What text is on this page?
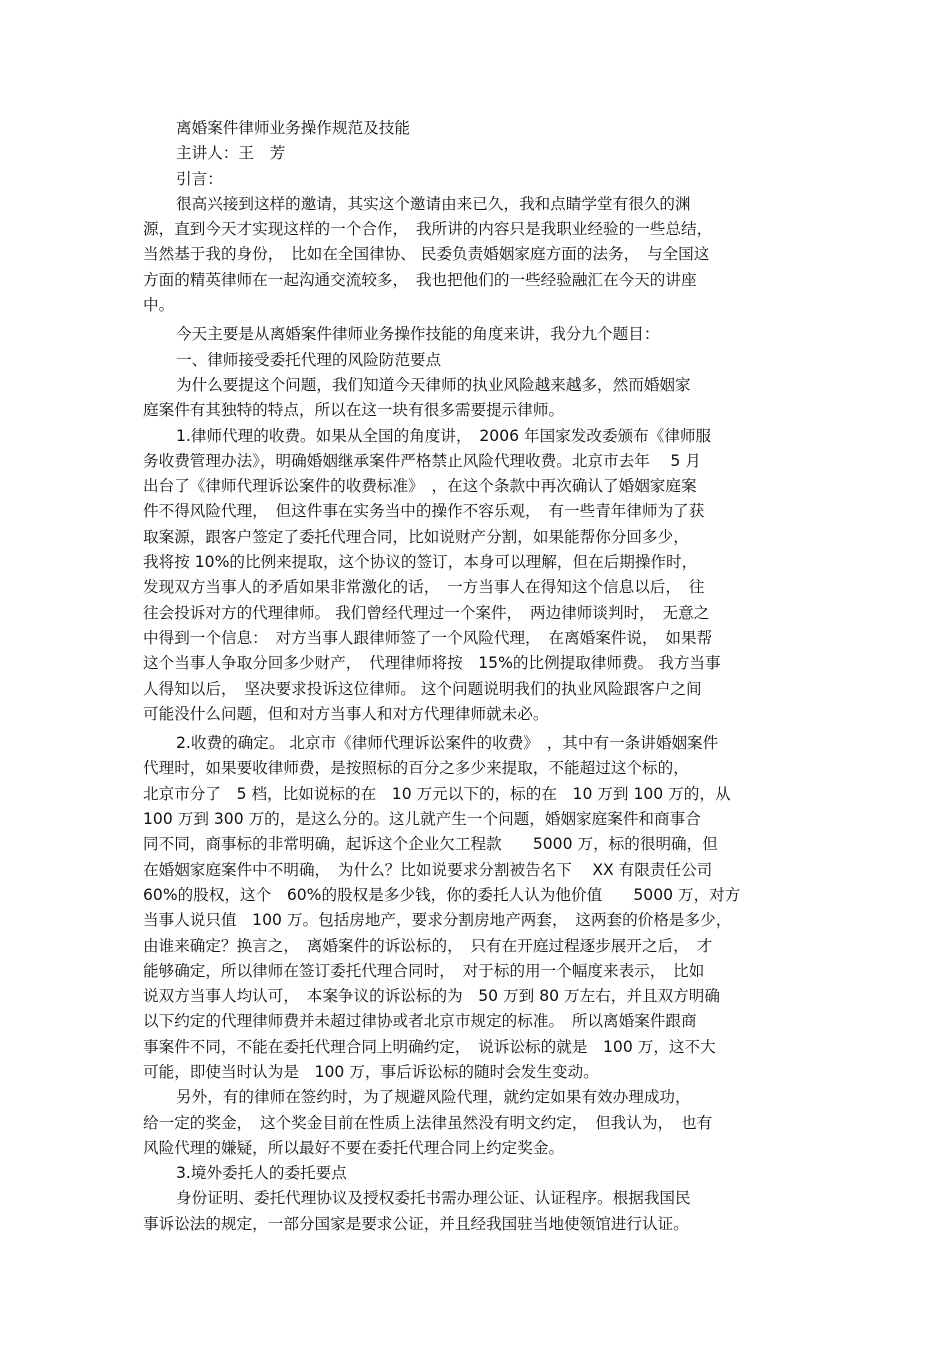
离婚案件律师业务操作规范及技能
主讲人：王　芳
引言：
很高兴接到这样的邀请，其实这个邀请由来已久，我和点睛学堂有很久的渊
源，直到今天才实现这样的一个合作，　我所讲的内容只是我职业经验的一些总结，
当然基于我的身份，　比如在全国律协、 民委负责婚姻家庭方面的法务，　与全国这
方面的精英律师在一起沟通交流较多，　我也把他们的一些经验融汇在今天的讲座
中。
今天主要是从离婚案件律师业务操作技能的角度来讲，我分九个题目：
一、律师接受委托代理的风险防范要点
为什么要提这个问题，我们知道今天律师的执业风险越来越多，然而婚姻家
庭案件有其独特的特点，所以在这一块有很多需要提示律师。
1.律师代理的收费。如果从全国的角度讲，　2006 年国家发改委颁布《律师服
务收费管理办法》，明确婚姻继承案件严格禁止风险代理收费。北京市去年　 5 月
出台了《律师代理诉讼案件的收费标准》　，在这个条款中再次确认了婚姻家庭案
件不得风险代理，　但这件事在实务当中的操作不容乐观，　有一些青年律师为了获
取案源，跟客户签定了委托代理合同，比如说财产分割，如果能帮你分回多少，
我将按 10%的比例来提取，这个协议的签订，本身可以理解，但在后期操作时，
发现双方当事人的矛盾如果非常激化的话，　一方当事人在得知这个信息以后，　往
往会投诉对方的代理律师。 我们曾经代理过一个案件，　两边律师谈判时，　无意之
中得到一个信息：　对方当事人跟律师签了一个风险代理，　在离婚案件说，　如果帮
这个当事人争取分回多少财产，　代理律师将按　15%的比例提取律师费。 我方当事
人得知以后，　坚决要求投诉这位律师。 这个问题说明我们的执业风险跟客户之间
可能没什么问题，但和对方当事人和对方代理律师就未必。
2.收费的确定。 北京市《律师代理诉讼案件的收费》　，其中有一条讲婚姻案件
代理时，如果要收律师费，是按照标的百分之多少来提取，不能超过这个标的，
北京市分了　5 档，比如说标的在　10 万元以下的，标的在　10 万到 100 万的，从
100 万到 300 万的，是这么分的。这儿就产生一个问题，婚姻家庭案件和商事合
同不同，商事标的非常明确，起诉这个企业欠工程款　　5000 万，标的很明确，但
在婚姻家庭案件中不明确，　为什么？比如说要求分割被告名下　 XX 有限责任公司
60%的股权，这个　60%的股权是多少钱，你的委托人认为他价值　　5000 万，对方
当事人说只值　100 万。包括房地产，要求分割房地产两套，　这两套的价格是多少，
由谁来确定？换言之，　离婚案件的诉讼标的，　只有在开庭过程逐步展开之后，　才
能够确定，所以律师在签订委托代理合同时，　对于标的用一个幅度来表示，　比如
说双方当事人均认可，　本案争议的诉讼标的为　50 万到 80 万左右，并且双方明确
以下约定的代理律师费并未超过律协或者北京市规定的标准。　所以离婚案件跟商
事案件不同，不能在委托代理合同上明确约定，　说诉讼标的就是　100 万，这不大
可能，即使当时认为是　100 万，事后诉讼标的随时会发生变动。
另外，有的律师在签约时，为了规避风险代理，就约定如果有效办理成功，
给一定的奖金，　这个奖金目前在性质上法律虽然没有明文约定，　但我认为，　也有
风险代理的嫌疑，所以最好不要在委托代理合同上约定奖金。
3.境外委托人的委托要点
身份证明、委托代理协议及授权委托书需办理公证、认证程序。根据我国民
事诉讼法的规定，一部分国家是要求公证，并且经我国驻当地使领馆进行认证。
